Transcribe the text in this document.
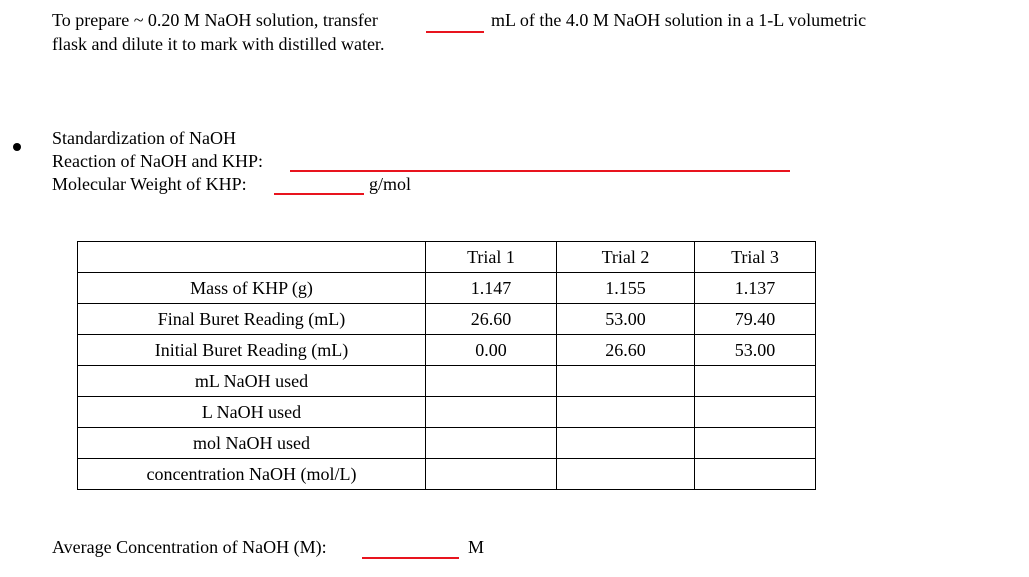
To prepare ~ 0.20 M NaOH solution, transfer	mL of the 4.0 M NaOH solution in a 1-L volumetric
flask and dilute it to mark with distilled water.
Standardization of NaOH
Reaction of NaOH and KHP:
Molecular Weight of KHP:	g/mol
	Trial 1	Trial 2	Trial 3
Mass of KHP (g)	1.147	1.155	1.137
Final Buret Reading (mL)	26.60	53.00	79.40
Initial Buret Reading (mL)	0.00	26.60	53.00
mL NaOH used			
L NaOH used			
mol NaOH used			
concentration NaOH (mol/L)			
Average Concentration of NaOH (M):	M
